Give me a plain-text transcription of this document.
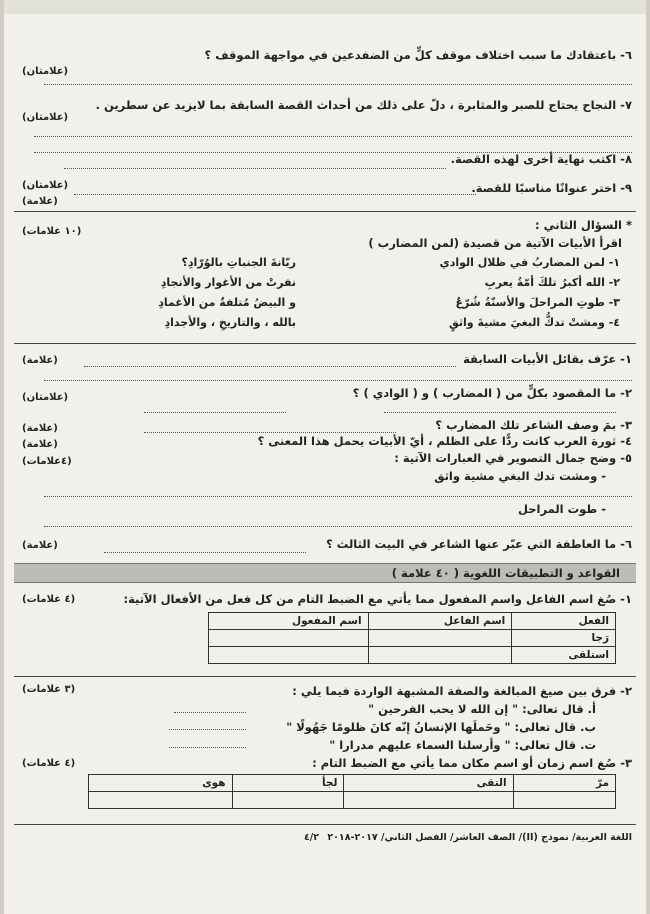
٦- باعتقادك ما سبب اختلاف موقف كلٍّ من الضفدعين في مواجهة الموقف ؟
(علامتان)
٧- النجاح يحتاج للصبر والمثابرة ، دلّ على ذلك من أحداث القصة السابقة بما لايزيد عن سطرين .
(علامتان)
٨- اكتب نهاية أخرى لهذه القصة.
(علامتان)	٩- اختر عنوانًا مناسبًا للقصة.
(علامة)
* السؤال الثاني :
(١٠ علامات)
اقرأ الأبيات الآتية من قصيدة (لمن المضارب )
١- لمن المضاربُ في ظلال الوادي
ريّانةَ الجنباتِ بالوُرّادِ؟
٢- الله أكبرُ تلكَ أمّةُ يعربِ
نفرتْ من الأغوار والأنجادِ
٣- طوتِ المراحلَ والأسنّةُ شُرّعٌ
و البيضُ مُتلفةٌ من الأغمادِ
٤- ومشتْ تدكُّ البغيَ مشيةَ واثقٍ
بالله ، والتاريخِ ، والأجدادِ
١- عرّف بقائل الأبيات السابقة
(علامة)
٢- ما المقصود بكلٍّ من ( المضارب ) و ( الوادي ) ؟
(علامتان)
٣- بمَ وصف الشاعر تلك المضارب ؟
(علامة)
٤- ثورة العرب كانت ردًّا على الظلم ، أيّ الأبيات يحمل هذا المعنى ؟
(علامة)
٥- وضح جمال التصوير في العبارات الآتية :
(٤علامات)
- ومشت تدك البغي مشية واثق
- طوت المراحل
٦- ما العاطفة التي عبّر عنها الشاعر في البيت الثالث ؟
(علامة)
القواعد و التطبيقات اللغوية ( ٤٠ علامة )
١- صُغ اسم الفاعل واسم المفعول مما يأتي مع الضبط التام من كل فعل من الأفعال الآتية:
(٤ علامات)
الفعل	اسم الفاعل	اسم المفعول
رَجا		
استلقى		
٢- فرق بين صيغ المبالغة والصفة المشبهة الواردة فيما يلي :
(٣ علامات)
أ. قال تعالى: " إن الله لا يحب الفرحين "
ب. قال تعالى: " وحَملَها الإنسانُ إنّه كانَ ظلومًا جَهُولًا "
ت. قال تعالى: " وأرسلنا السماء عليهم مدرارا "
٣- صُغ اسم زمان أو اسم مكان مما يأتي مع الضبط التام :
(٤ علامات)
مرّ	التقى	لجأ	هوى

اللغة العربية/ نموذج (II)/ الصف العاشر/ الفصل الثاني/ ٢٠١٧-٢٠١٨
٤/٢
